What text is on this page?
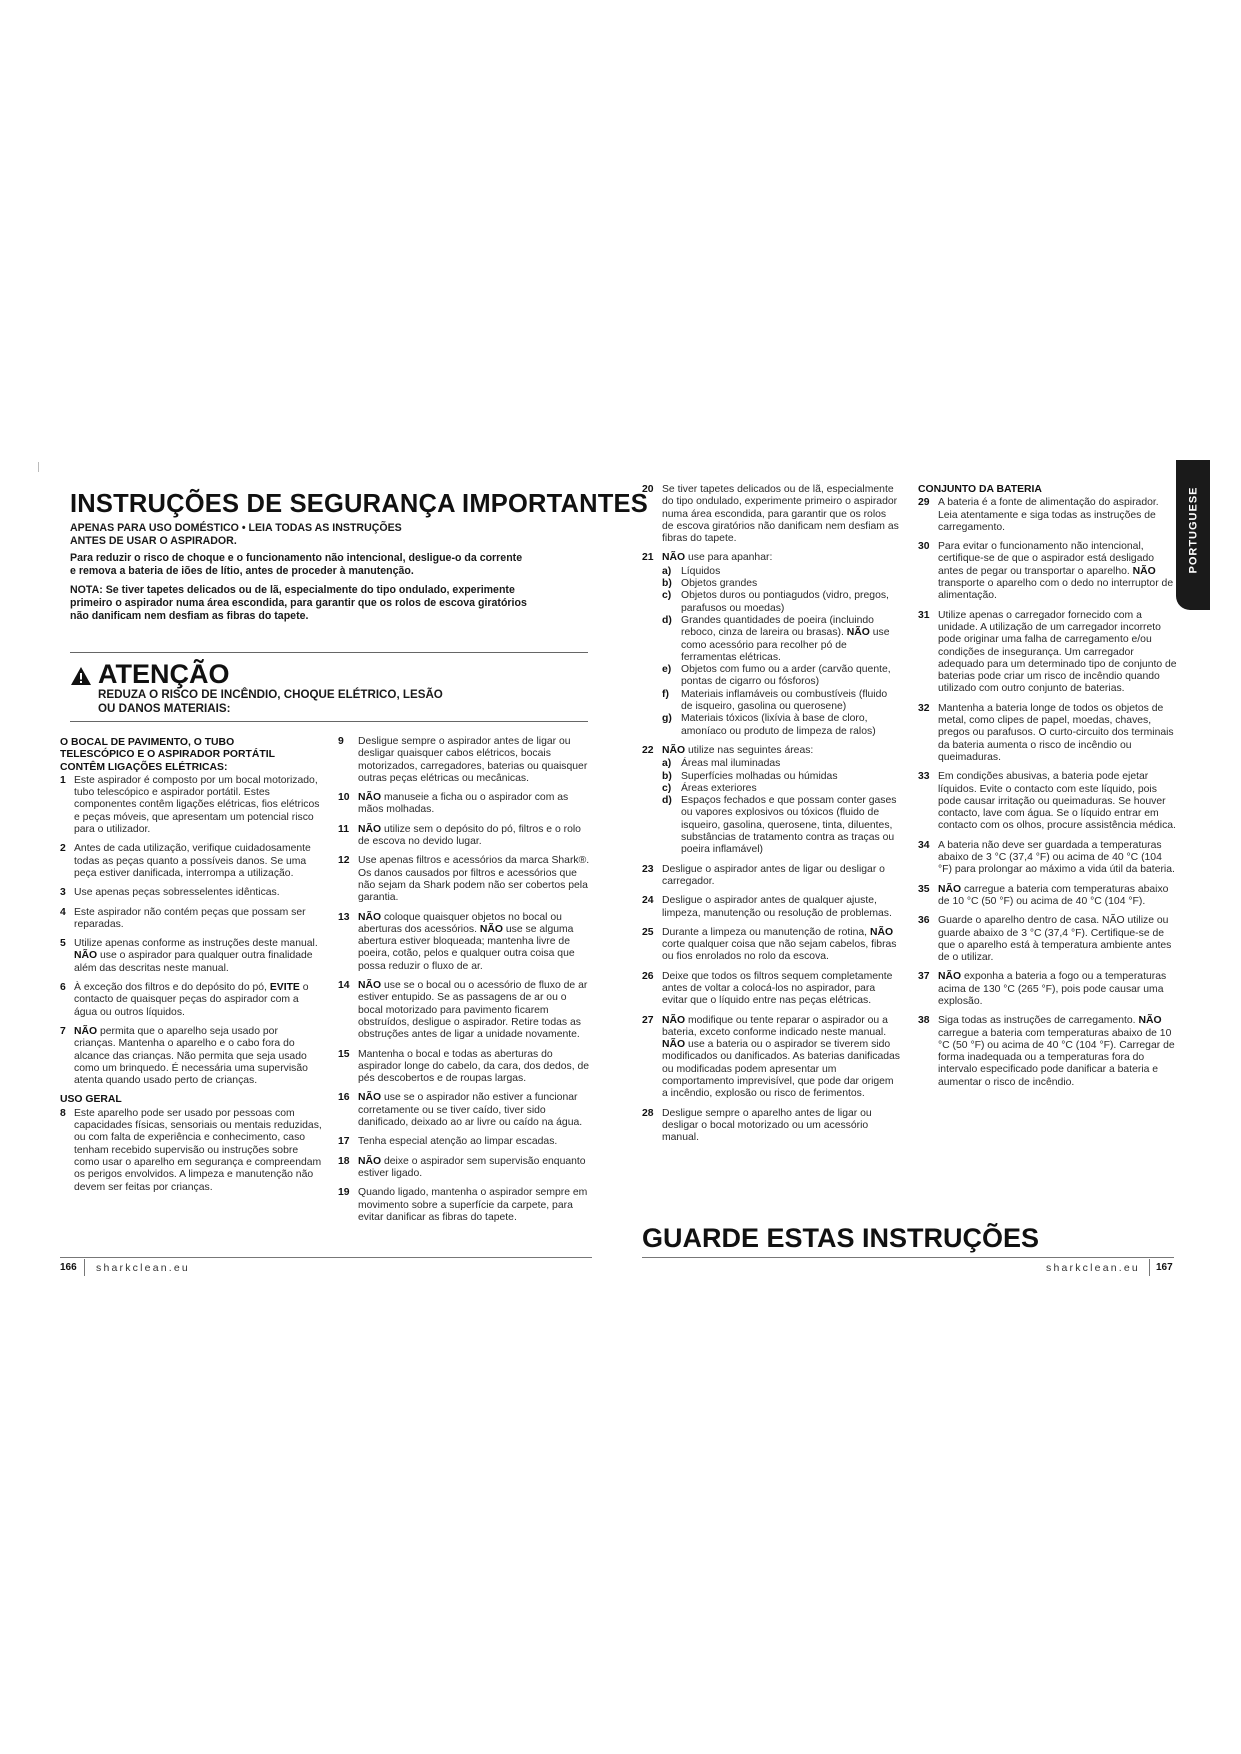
INSTRUÇÕES DE SEGURANÇA IMPORTANTES
APENAS PARA USO DOMÉSTICO • LEIA TODAS AS INSTRUÇÕES
ANTES DE USAR O ASPIRADOR.
Para reduzir o risco de choque e o funcionamento não intencional, desligue-o da corrente
e remova a bateria de iões de lítio, antes de proceder à manutenção.
NOTA: Se tiver tapetes delicados ou de lã, especialmente do tipo ondulado, experimente
primeiro o aspirador numa área escondida, para garantir que os rolos de escova giratórios
não danificam nem desfiam as fibras do tapete.
ATENÇÃO
REDUZA O RISCO DE INCÊNDIO, CHOQUE ELÉTRICO, LESÃO
OU DANOS MATERIAIS:
O BOCAL DE PAVIMENTO, O TUBO
TELESCÓPICO E O ASPIRADOR PORTÁTIL
CONTÊM LIGAÇÕES ELÉTRICAS:
1 Este aspirador é composto por um bocal motorizado, tubo telescópico e aspirador portátil. Estes componentes contêm ligações elétricas, fios elétricos e peças móveis, que apresentam um potencial risco para o utilizador.
2 Antes de cada utilização, verifique cuidadosamente todas as peças quanto a possíveis danos. Se uma peça estiver danificada, interrompa a utilização.
3 Use apenas peças sobresselentes idênticas.
4 Este aspirador não contém peças que possam ser reparadas.
5 Utilize apenas conforme as instruções deste manual. NÃO use o aspirador para qualquer outra finalidade além das descritas neste manual.
6 À exceção dos filtros e do depósito do pó, EVITE o contacto de quaisquer peças do aspirador com a água ou outros líquidos.
7 NÃO permita que o aparelho seja usado por crianças. Mantenha o aparelho e o cabo fora do alcance das crianças. Não permita que seja usado como um brinquedo. É necessária uma supervisão atenta quando usado perto de crianças.
USO GERAL
8 Este aparelho pode ser usado por pessoas com capacidades físicas, sensoriais ou mentais reduzidas, ou com falta de experiência e conhecimento, caso tenham recebido supervisão ou instruções sobre como usar o aparelho em segurança e compreendam os perigos envolvidos. A limpeza e manutenção não devem ser feitas por crianças.
9 Desligue sempre o aspirador antes de ligar ou desligar quaisquer cabos elétricos, bocais motorizados, carregadores, baterias ou quaisquer outras peças elétricas ou mecânicas.
10 NÃO manuseie a ficha ou o aspirador com as mãos molhadas.
11 NÃO utilize sem o depósito do pó, filtros e o rolo de escova no devido lugar.
12 Use apenas filtros e acessórios da marca Shark®. Os danos causados por filtros e acessórios que não sejam da Shark podem não ser cobertos pela garantia.
13 NÃO coloque quaisquer objetos no bocal ou aberturas dos acessórios. NÃO use se alguma abertura estiver bloqueada; mantenha livre de poeira, cotão, pelos e qualquer outra coisa que possa reduzir o fluxo de ar.
14 NÃO use se o bocal ou o acessório de fluxo de ar estiver entupido. Se as passagens de ar ou o bocal motorizado para pavimento ficarem obstruídos, desligue o aspirador. Retire todas as obstruções antes de ligar a unidade novamente.
15 Mantenha o bocal e todas as aberturas do aspirador longe do cabelo, da cara, dos dedos, de pés descobertos e de roupas largas.
16 NÃO use se o aspirador não estiver a funcionar corretamente ou se tiver caído, tiver sido danificado, deixado ao ar livre ou caído na água.
17 Tenha especial atenção ao limpar escadas.
18 NÃO deixe o aspirador sem supervisão enquanto estiver ligado.
19 Quando ligado, mantenha o aspirador sempre em movimento sobre a superfície da carpete, para evitar danificar as fibras do tapete.
20 Se tiver tapetes delicados ou de lã, especialmente do tipo ondulado, experimente primeiro o aspirador numa área escondida, para garantir que os rolos de escova giratórios não danificam nem desfiam as fibras do tapete.
21 NÃO use para apanhar:
a) Líquidos
b) Objetos grandes
c) Objetos duros ou pontiagudos (vidro, pregos, parafusos ou moedas)
d) Grandes quantidades de poeira (incluindo reboco, cinza de lareira ou brasas). NÃO use como acessório para recolher pó de ferramentas elétricas.
e) Objetos com fumo ou a arder (carvão quente, pontas de cigarro ou fósforos)
f) Materiais inflamáveis ou combustíveis (fluido de isqueiro, gasolina ou querosene)
g) Materiais tóxicos (lixívia à base de cloro, amoníaco ou produto de limpeza de ralos)
22 NÃO utilize nas seguintes áreas:
a) Áreas mal iluminadas
b) Superfícies molhadas ou húmidas
c) Áreas exteriores
d) Espaços fechados e que possam conter gases ou vapores explosivos ou tóxicos (fluido de isqueiro, gasolina, querosene, tinta, diluentes, substâncias de tratamento contra as traças ou poeira inflamável)
23 Desligue o aspirador antes de ligar ou desligar o carregador.
24 Desligue o aspirador antes de qualquer ajuste, limpeza, manutenção ou resolução de problemas.
25 Durante a limpeza ou manutenção de rotina, NÃO corte qualquer coisa que não sejam cabelos, fibras ou fios enrolados no rolo da escova.
26 Deixe que todos os filtros sequem completamente antes de voltar a colocá-los no aspirador, para evitar que o líquido entre nas peças elétricas.
27 NÃO modifique ou tente reparar o aspirador ou a bateria, exceto conforme indicado neste manual. NÃO use a bateria ou o aspirador se tiverem sido modificados ou danificados. As baterias danificadas ou modificadas podem apresentar um comportamento imprevisível, que pode dar origem a incêndio, explosão ou risco de ferimentos.
28 Desligue sempre o aparelho antes de ligar ou desligar o bocal motorizado ou um acessório manual.
GUARDE ESTAS INSTRUÇÕES
CONJUNTO DA BATERIA
29 A bateria é a fonte de alimentação do aspirador. Leia atentamente e siga todas as instruções de carregamento.
30 Para evitar o funcionamento não intencional, certifique-se de que o aspirador está desligado antes de pegar ou transportar o aparelho. NÃO transporte o aparelho com o dedo no interruptor de alimentação.
31 Utilize apenas o carregador fornecido com a unidade. A utilização de um carregador incorreto pode originar uma falha de carregamento e/ou condições de insegurança. Um carregador adequado para um determinado tipo de conjunto de baterias pode criar um risco de incêndio quando utilizado com outro conjunto de baterias.
32 Mantenha a bateria longe de todos os objetos de metal, como clipes de papel, moedas, chaves, pregos ou parafusos. O curto-circuito dos terminais da bateria aumenta o risco de incêndio ou queimaduras.
33 Em condições abusivas, a bateria pode ejetar líquidos. Evite o contacto com este líquido, pois pode causar irritação ou queimaduras. Se houver contacto, lave com água. Se o líquido entrar em contacto com os olhos, procure assistência médica.
34 A bateria não deve ser guardada a temperaturas abaixo de 3 °C (37,4 °F) ou acima de 40 °C (104 °F) para prolongar ao máximo a vida útil da bateria.
35 NÃO carregue a bateria com temperaturas abaixo de 10 °C (50 °F) ou acima de 40 °C (104 °F).
36 Guarde o aparelho dentro de casa. NÃO utilize ou guarde abaixo de 3 °C (37,4 °F). Certifique-se de que o aparelho está à temperatura ambiente antes de o utilizar.
37 NÃO exponha a bateria a fogo ou a temperaturas acima de 130 °C (265 °F), pois pode causar uma explosão.
38 Siga todas as instruções de carregamento. NÃO carregue a bateria com temperaturas abaixo de 10 °C (50 °F) ou acima de 40 °C (104 °F). Carregar de forma inadequada ou a temperaturas fora do intervalo especificado pode danificar a bateria e aumentar o risco de incêndio.
PORTUGUESE
166 sharkclean.eu	sharkclean.eu 167
